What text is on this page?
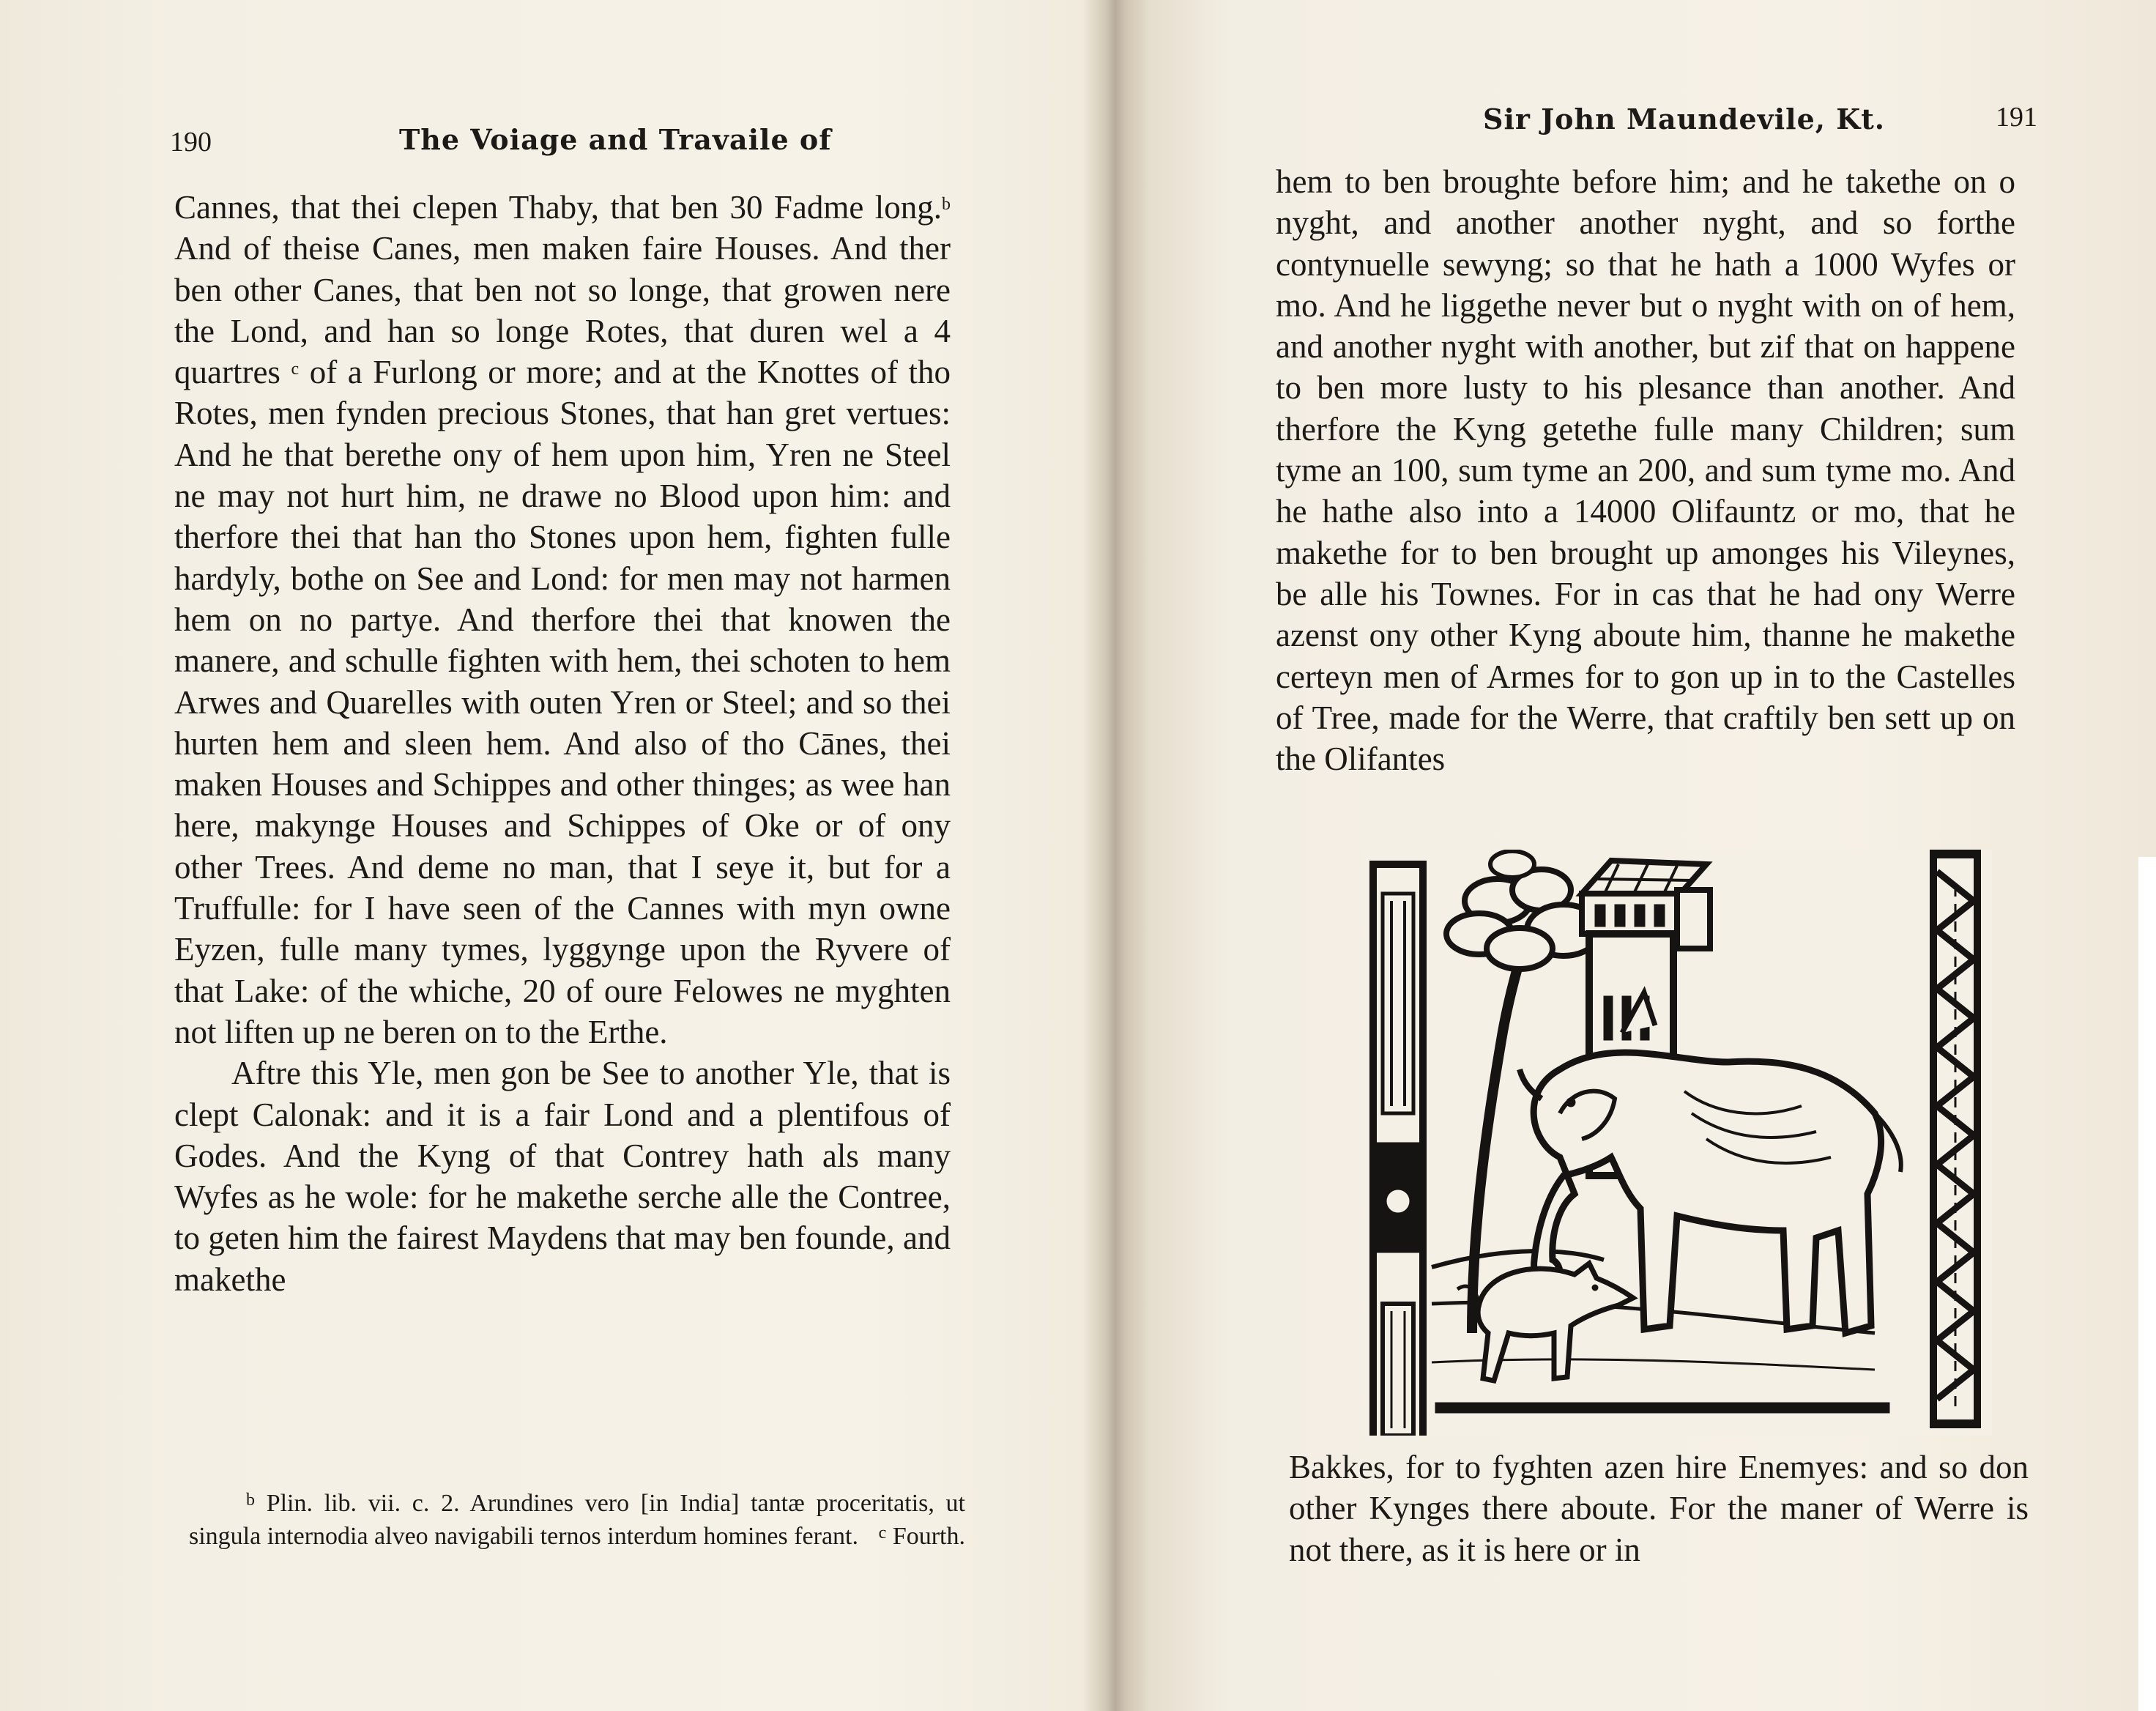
190	The Voiage and Travaile of

Cannes, that thei clepen Thaby, that ben 30 Fadme long.$^b$ And of theise Canes, men maken faire Houses. And ther ben other Canes, that ben not so longe, that growen nere the Lond, and han so longe Rotes, that duren wel a 4 quartres $^c$ of a Furlong or more; and at the Knottes of tho Rotes, men fynden precious Stones, that han gret vertues: And he that berethe ony of hem upon him, Yren ne Steel ne may not hurt him, ne drawe no Blood upon him: and therfore thei that han tho Stones upon hem, fighten fulle hardyly, bothe on See and Lond: for men may not harmen hem on no partye. And therfore thei that knowen the manere, and schulle fighten with hem, thei schoten to hem Arwes and Quarelles with outen Yren or Steel; and so thei hurten hem and sleen hem. And also of tho Cānes, thei maken Houses and Schippes and other thinges; as wee han here, makynge Houses and Schippes of Oke or of ony other Trees. And deme no man, that I seye it, but for a Truffulle: for I have seen of the Cannes with myn owne Eyzen, fulle many tymes, lyggynge upon the Ryvere of that Lake: of the whiche, 20 of oure Felowes ne myghten not liften up ne beren on to the Erthe.

Aftre this Yle, men gon be See to another Yle, that is clept Calonak: and it is a fair Lond and a plentifous of Godes. And the Kyng of that Contrey hath als many Wyfes as he wole: for he makethe serche alle the Contree, to geten him the fairest Maydens that may ben founde, and makethe

$^b$ Plin. lib. vii. c. 2. Arundines vero [in India] tantæ proceritatis, ut singula internodia alveo navigabili ternos interdum homines ferant.	$^c$ Fourth.

Sir John Maundevile, Kt.	191

hem to ben broughte before him; and he takethe on o nyght, and another another nyght, and so forthe contynuelle sewyng; so that he hath a 1000 Wyfes or mo. And he liggethe never but o nyght with on of hem, and another nyght with another, but zif that on happene to ben more lusty to his plesance than another. And therfore the Kyng getethe fulle many Children; sum tyme an 100, sum tyme an 200, and sum tyme mo. And he hathe also into a 14000 Olifauntz or mo, that he makethe for to ben brought up amonges his Vileynes, be alle his Townes. For in cas that he had ony Werre azenst ony other Kyng aboute him, thanne he makethe certeyn men of Armes for to gon up in to the Castelles of Tree, made for the Werre, that craftily ben sett up on the Olifantes

Bakkes, for to fyghten azen hire Enemyes: and so don other Kynges there aboute. For the maner of Werre is not there, as it is here or in
